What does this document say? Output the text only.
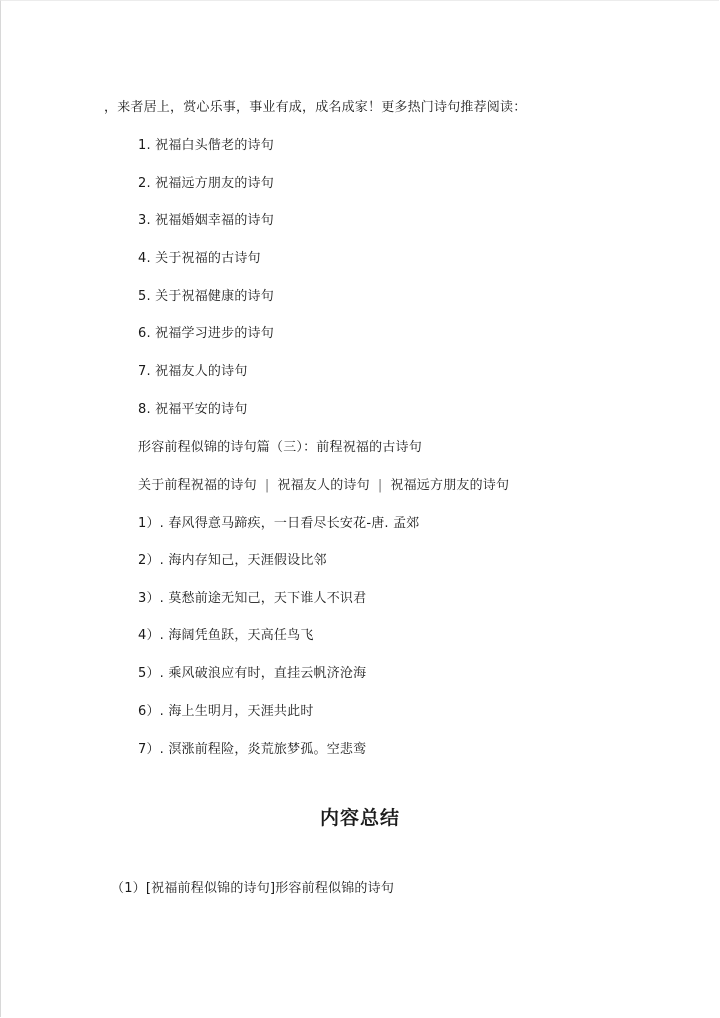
，来者居上，赏心乐事，事业有成，成名成家！更多热门诗句推荐阅读：
1. 祝福白头偕老的诗句
2. 祝福远方朋友的诗句
3. 祝福婚姻幸福的诗句
4. 关于祝福的古诗句
5. 关于祝福健康的诗句
6. 祝福学习进步的诗句
7. 祝福友人的诗句
8. 祝福平安的诗句
形容前程似锦的诗句篇（三）：前程祝福的古诗句
关于前程祝福的诗句 | 祝福友人的诗句 | 祝福远方朋友的诗句
1）. 春风得意马蹄疾，一日看尽长安花-唐. 孟郊
2）. 海内存知己，天涯假设比邻
3）. 莫愁前途无知己，天下谁人不识君
4）. 海阔凭鱼跃，天高任鸟飞
5）. 乘风破浪应有时，直挂云帆济沧海
6）. 海上生明月，天涯共此时
7）. 溟涨前程险，炎荒旅梦孤。空悲鸾
内容总结
（1）[祝福前程似锦的诗句]形容前程似锦的诗句
